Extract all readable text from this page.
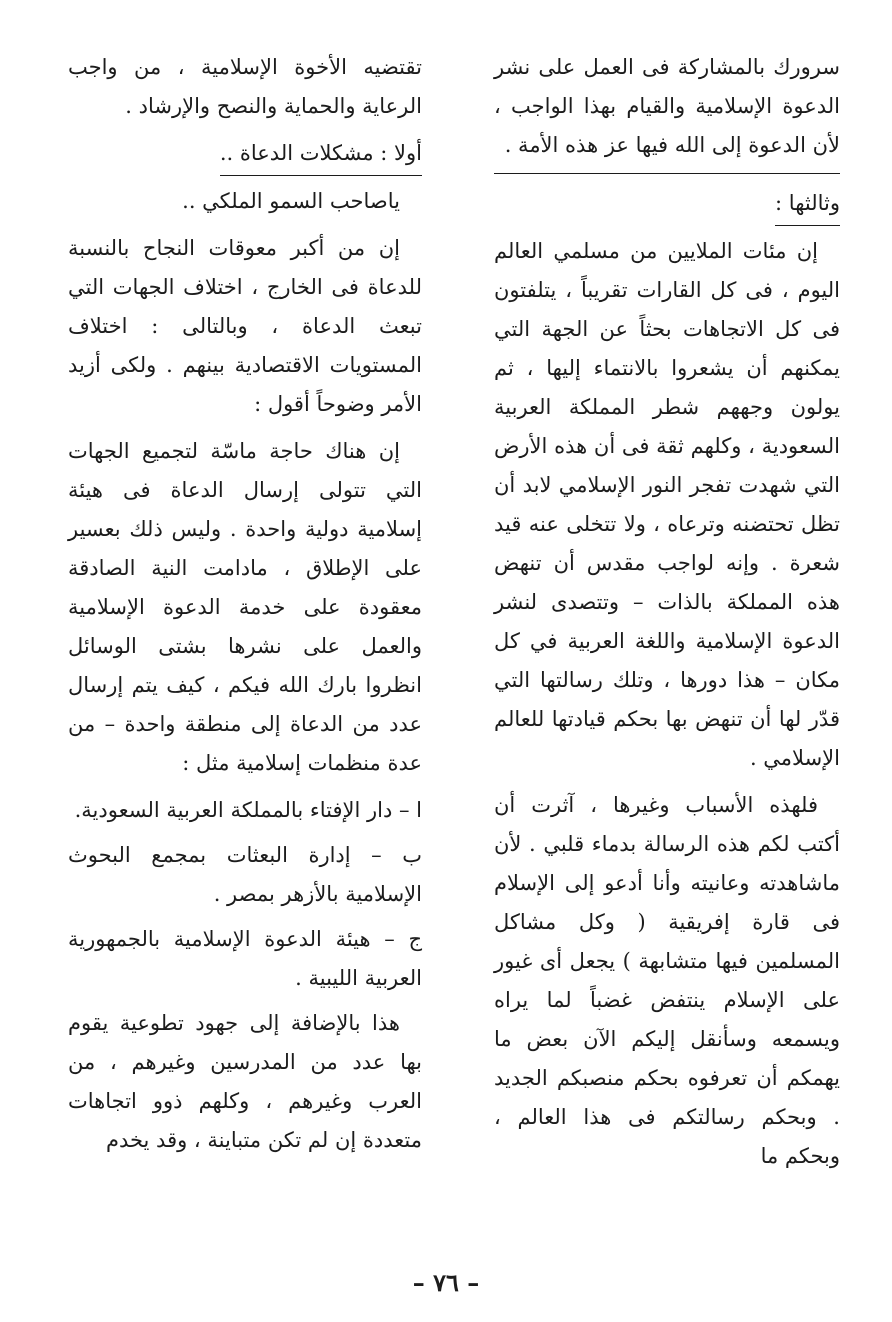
سرورك بالمشاركة فى العمل على نشر الدعوة الإسلامية والقيام بهذا الواجب ، لأن الدعوة إلى الله فيها عز هذه الأمة .

وثالثها :

إن مئات الملايين من مسلمي العالم اليوم ، فى كل القارات تقريباً ، يتلفتون فى كل الاتجاهات بحثاً عن الجهة التي يمكنهم أن يشعروا بالانتماء إليها ، ثم يولون وجههم شطر المملكة العربية السعودية ، وكلهم ثقة فى أن هذه الأرض التي شهدت تفجر النور الإسلامي لابد أن تظل تحتضنه وترعاه ، ولا تتخلى عنه قيد شعرة . وإنه لواجب مقدس أن تنهض هذه المملكة بالذات – وتتصدى لنشر الدعوة الإسلامية واللغة العربية في كل مكان – هذا دورها ، وتلك رسالتها التي قدّر لها أن تنهض بها بحكم قيادتها للعالم الإسلامي .

فلهذه الأسباب وغيرها ، آثرت أن أكتب لكم هذه الرسالة بدماء قلبي . لأن ماشاهدته وعانيته وأنا أدعو إلى الإسلام فى قارة إفريقية ( وكل مشاكل المسلمين فيها متشابهة ) يجعل أى غيور على الإسلام ينتفض غضباً لما يراه ويسمعه وسأنقل إليكم الآن بعض ما يهمكم أن تعرفوه بحكم منصبكم الجديد . وبحكم رسالتكم فى هذا العالم ، وبحكم ما

تقتضيه الأخوة الإسلامية ، من واجب الرعاية والحماية والنصح والإرشاد .

أولا : مشكلات الدعاة ..

ياصاحب السمو الملكي ..

إن من أكبر معوقات النجاح بالنسبة للدعاة فى الخارج ، اختلاف الجهات التي تبعث الدعاة ، وبالتالى : اختلاف المستويات الاقتصادية بينهم . ولكى أزيد الأمر وضوحاً أقول :

إن هناك حاجة ماسّة لتجميع الجهات التي تتولى إرسال الدعاة فى هيئة إسلامية دولية واحدة . وليس ذلك بعسير على الإطلاق ، مادامت النية الصادقة معقودة على خدمة الدعوة الإسلامية والعمل على نشرها بشتى الوسائل انظروا بارك الله فيكم ، كيف يتم إرسال عدد من الدعاة إلى منطقة واحدة – من عدة منظمات إسلامية مثل :

ا – دار الإفتاء بالمملكة العربية السعودية.

ب – إدارة البعثات بمجمع البحوث الإسلامية بالأزهر بمصر .

ج – هيئة الدعوة الإسلامية بالجمهورية العربية الليبية .

هذا بالإضافة إلى جهود تطوعية يقوم بها عدد من المدرسين وغيرهم ، من العرب وغيرهم ، وكلهم ذوو اتجاهات متعددة إن لم تكن متباينة ، وقد يخدم

– ٧٦ –
